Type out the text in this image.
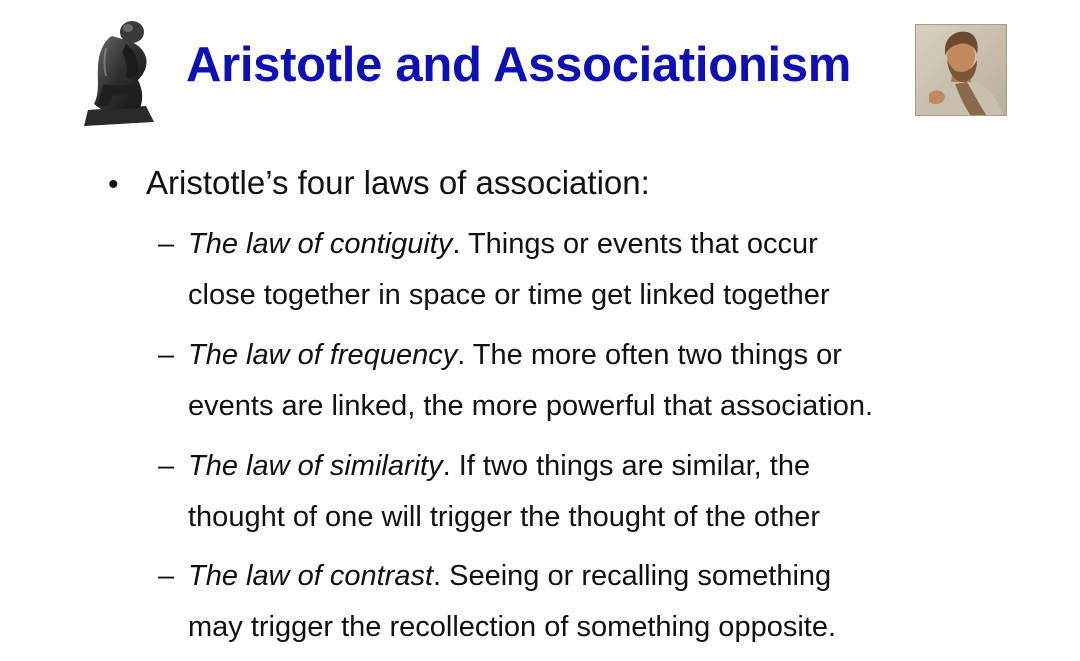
Aristotle and Associationism
• Aristotle’s four laws of association:
– The law of contiguity. Things or events that occur
close together in space or time get linked together
– The law of frequency. The more often two things or
events are linked, the more powerful that association.
– The law of similarity. If two things are similar, the
thought of one will trigger the thought of the other
– The law of contrast. Seeing or recalling something
may trigger the recollection of something opposite.
